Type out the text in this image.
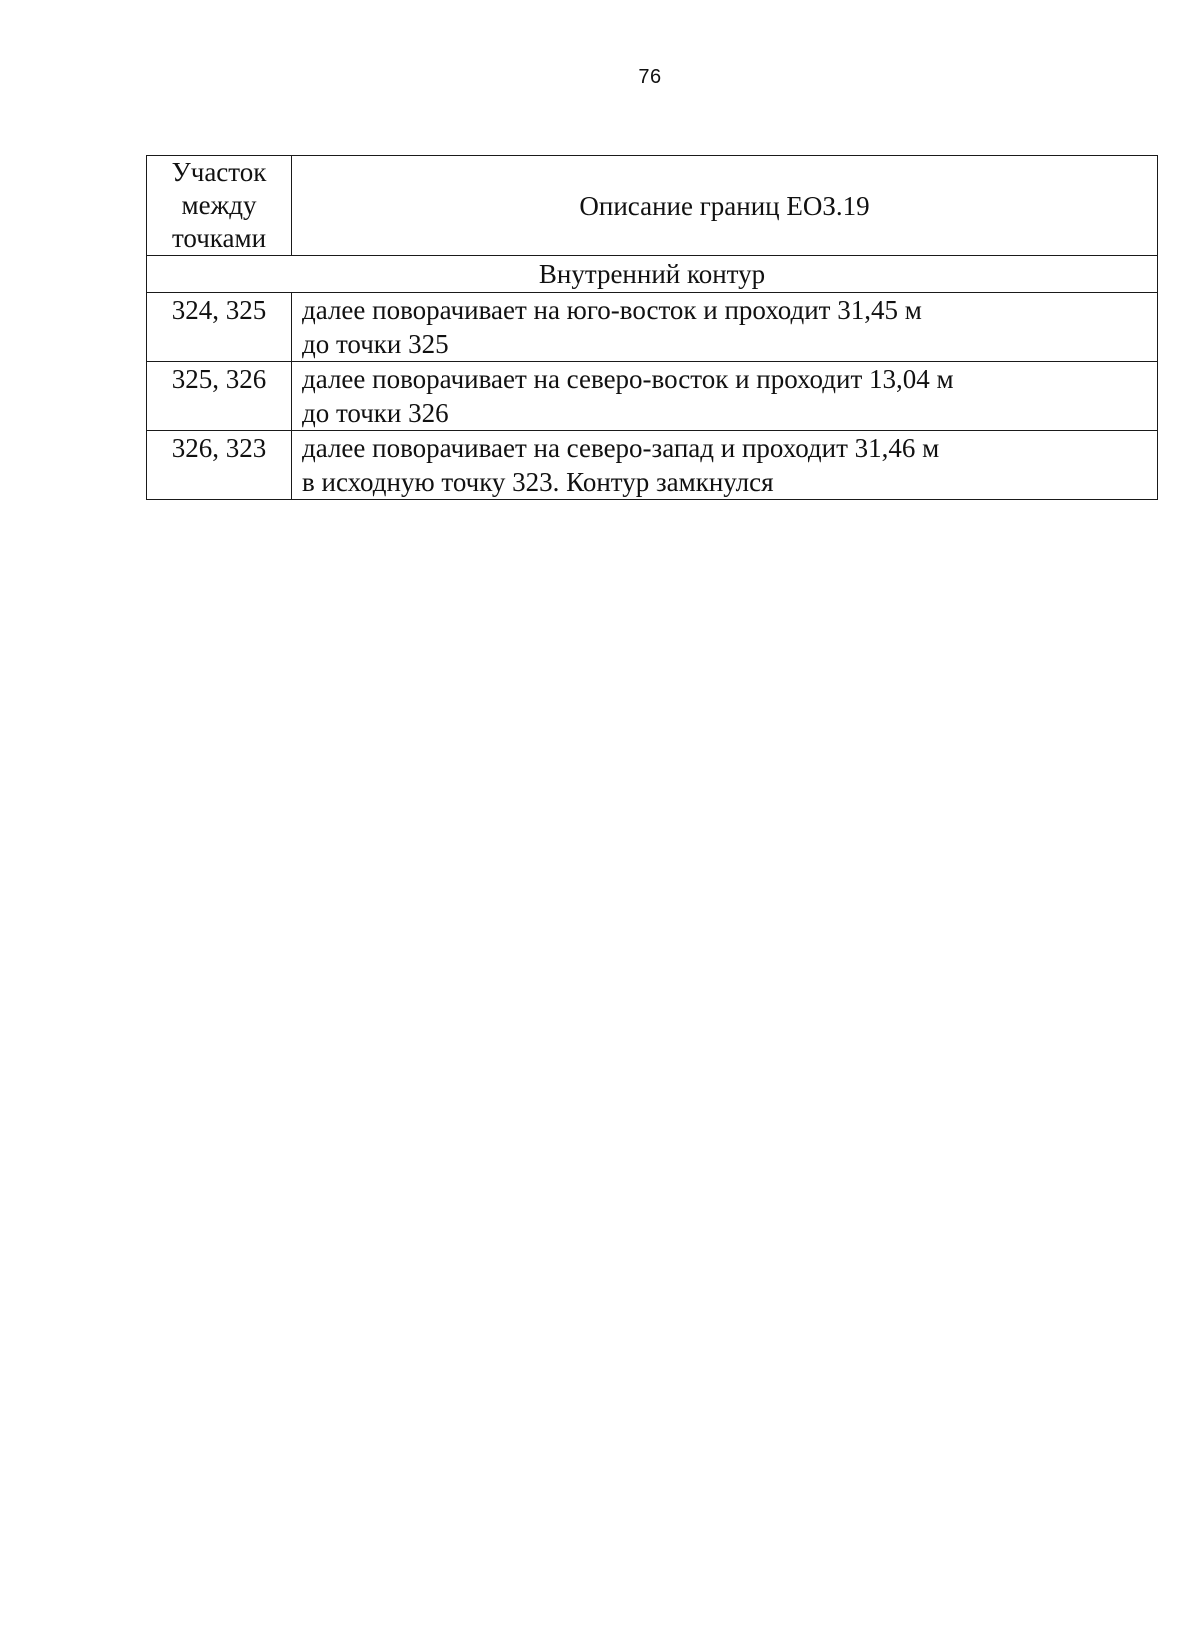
76
Участок
между
точками	Описание границ ЕОЗ.19
Внутренний контур	
324, 325	далее поворачивает на юго-восток и проходит 31,45 м
до точки 325

325, 326	далее поворачивает на северо-восток и проходит 13,04 м
до точки 326

326, 323	далее поворачивает на северо-запад и проходит 31,46 м
в исходную точку 323. Контур замкнулся
